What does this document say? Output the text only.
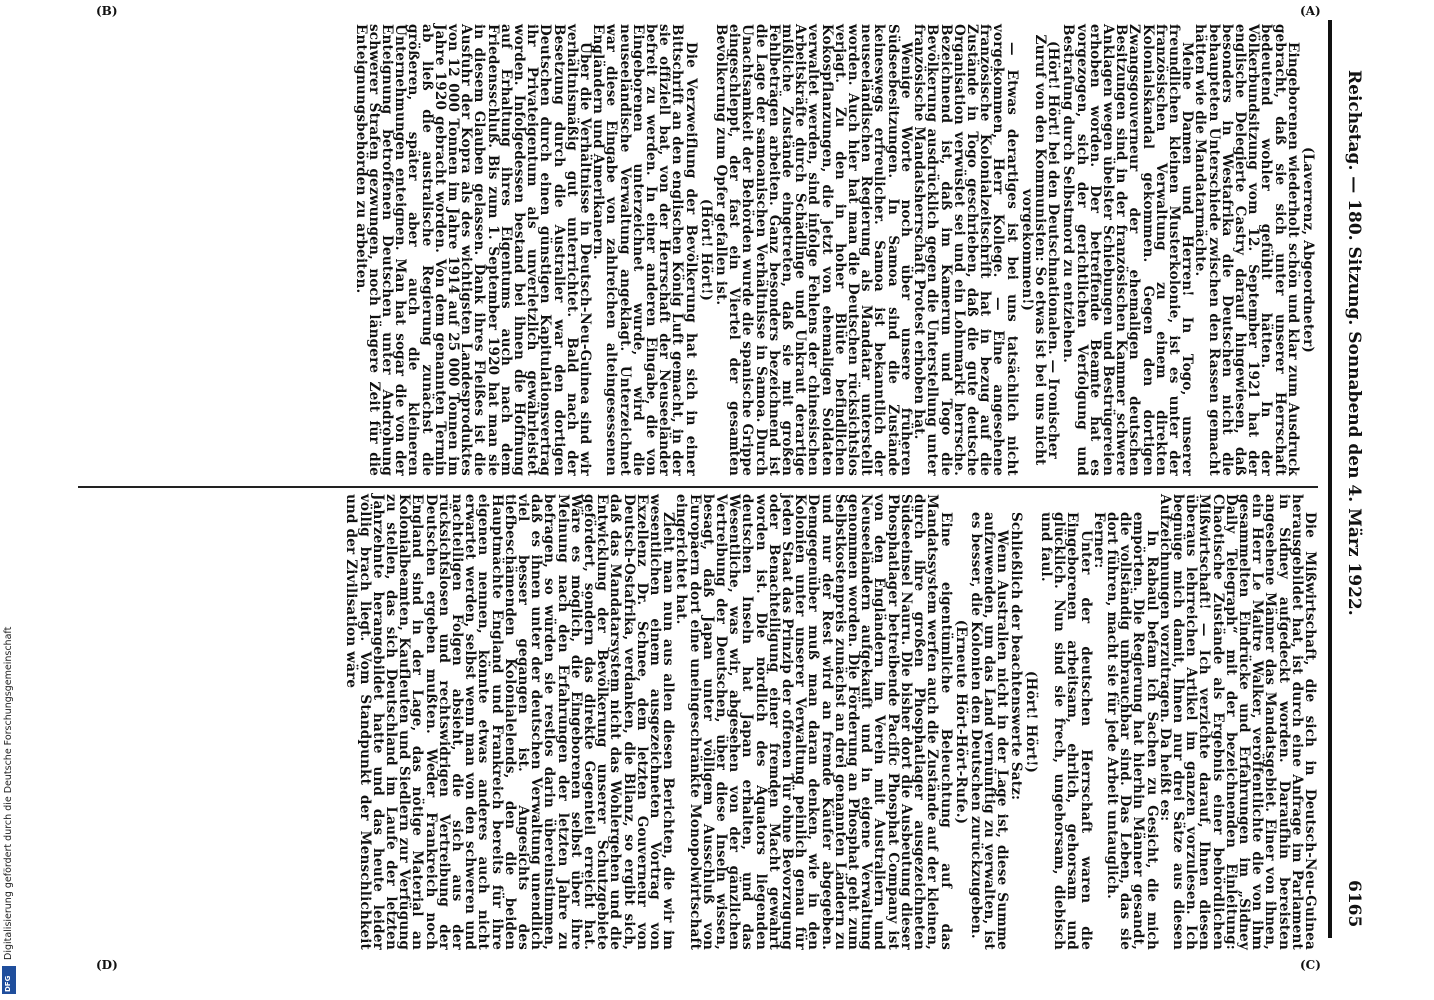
Reichstag. — 180. Sitzung. Sonnabend den 4. März 1922.
6165
(A)
(B)
(C)
(D)

(Laverrenz, Abgeordneter)

Eingeborenen wiederholt schön und klar zum Ausdruck gebracht, daß sie sich unter unserer Herrschaft bedeutend wohler gefühlt hätten. In der Völkerbundsitzung vom 12. September 1921 hat der englische Delegierte Castry darauf hingewiesen, daß besonders in Westafrika die Deutschen nicht die behaupteten Unterschiede zwischen den Rassen gemacht hätten wie die Mandatarmächte.

Meine Damen und Herren! In Togo, unserer freundlichen kleinen Musterkolonie, ist es unter der französischen Verwaltung zu einem direkten Kolonialskandal gekommen. Gegen den dortigen Zwangsgouverneur der ehemaligen deutschen Besitzungen sind in der französischen Kammer schwere Anklagen wegen übelster Schiebungen und Bestrügereien erhoben worden. Der betreffende Beamte hat es vorgezogen, sich der gerichtlichen Verfolgung und Bestrafung durch Selbstmord zu entziehen.

(Hört! Hört! bei den Deutschnationalen. — Ironischer Zuruf von den Kommunisten: So etwas ist bei uns nicht vorgekommen!)

— Etwas derartiges ist bei uns tatsächlich nicht vorgekommen, Herr Kollege. — Eine angesehene französische Kolonialzeitschrift hat in bezug auf die Zustände in Togo geschrieben, daß die gute deutsche Organisation verwüstet sei und ein Lohnmarkt herrsche. Bezeichnend ist, daß im Kamerun und Togo die Bevölkerung ausdrücklich gegen die Unterstellung unter französische Mandatsherrschaft Protest erhoben hat.

Wenige Worte noch über unsere früheren Südseebesitzungen. In Samoa sind die Zustände keineswegs erfreulicher. Samoa ist bekanntlich der neuseeländischen Regierung als Mandatar unterstellt worden. Auch hier hat man die Deutschen rücksichtslos verjagt. Zu den in hoher Blüte befindlichen Kokospflanzungen, die jetzt von ehemaligen Soldaten verwaltet werden, sind infolge Fehlens der chinesischen Arbeitskräfte durch Schädlinge und Unkraut derartige mißliche Zustände eingetreten, daß sie mit großen Fehlbeträgen arbeiten. Ganz besonders bezeichnend ist die Lage der samoanischen Verhältnisse in Samoa. Durch Unachtsamkeit der Behörden wurde die spanische Grippe eingeschleppt, der fast ein Viertel der gesamten Bevölkerung zum Opfer gefallen ist.

(Hört! Hört!)

Die Verzweiflung der Bevölkerung hat sich in einer Bittschrift an den englischen König Luft gemacht, in der sie offiziell bat, von der Herrschaft der Neuseeländer befreit zu werden. In einer anderen Eingabe, die von Eingeborenen unterzeichnet wurde, wird die neuseeländische Verwaltung angeklagt. Unterzeichnet war diese Eingabe von zahlreichen alteingesessenen Engländern und Amerikanern.

Über die Verhältnisse in Deutsch-Neu-Guinea sind wir verhältnismäßig gut unterrichtet. Bald nach der Besetzung durch die Australier war den dortigen Deutschen durch einen günstigen Kapitulationsvertrag ihr Privateigentum als unverletzlich gewährleistet worden. Infolgedessen bestand bei ihnen die Hoffnung auf Erhaltung ihres Eigentums auch nach dem Friedensschluß. Bis zum 1. September 1920 hat man sie in diesem Glauben gelassen. Dank ihres Fleißes ist die Ausfuhr der Kopra als des wichtigsten Landesproduktes von 12 000 Tonnen im Jahre 1914 auf 25 000 Tonnen im Jahre 1920 gebracht worden. Von dem genannten Termin ab ließ die australische Regierung zunächst die größeren, später aber auch die kleineren Unternehmungen enteignen. Man hat sogar die von der Enteignung betroffenen Deutschen unter Androhung schwerer Strafen gezwungen, noch längere Zeit für die Enteignungsbehörden zu arbeiten.

Die Mißwirtschaft, die sich in Deutsch-Neu-Guinea herausgebildet hat, ist durch eine Anfrage im Parlament in Sidney aufgedeckt worden. Daraufhin bereisten angesehene Männer das Mandatsgebiet. Einer von ihnen, ein Herr Le Maitre Walker, veröffentlichte die von ihm gesammelten Eindrücke und Erfahrungen im „Sidney Daily Telegraph“ mit der bezeichnenden Einleitung: Chaotische Zustände als Ergebnis einer behördlichen Mißwirtschaft! — Ich verzichte darauf, Ihnen diesen überaus lehrreichen Artikel im ganzen vorzulesen. Ich begnüge mich damit, Ihnen nur drei Sätze aus diesen Aufzeichnungen vorzutragen. Da heißt es:

In Rabaul befam ich Sachen zu Gesicht, die mich empörten. Die Regierung hat hierhin Männer gesandt, die vollständig unbrauchbar sind. Das Leben, das sie dort führen, macht sie für jede Arbeit untauglich.

Ferner:

Unter der deutschen Herrschaft waren die Eingeborenen arbeitsam, ehrlich, gehorsam und glücklich. Nun sind sie frech, ungehorsam, diebisch und faul.

(Hört! Hört!)

Schließlich der beachtenswerte Satz:

Wenn Australien nicht in der Lage ist, diese Summe aufzuwenden, um das Land vernünftig zu verwalten, ist es besser, die Kolonien den Deutschen zurückzugeben.

(Erneute Hört-Hört-Rufe.)

Eine eigentümliche Beleuchtung auf das Mandatssystem werfen auch die Zustände auf der kleinen, durch ihre großen Phosphatlager ausgezeichneten Südseeinsel Nauru. Die bisher dort die Ausbeutung dieser Phosphatlager betreibende Pacific Phosphat Company ist von den Engländern im Verein mit Australiern und Neuseeländern aufgekauft und in eigene Verwaltung genommen worden. Die Förderung an Phosphat geht zum Selbstkostenpreis zunächst an drei genannten Ländern zu und nur der Rest wird an fremde Käufer abgegeben. Demgegenüber muß man daran denken, wie in den Kolonien unter unserer Verwaltung peinlich genau für jeden Staat das Prinzip der offenen Tür ohne Bevorzugung oder Benachteiligung einer fremden Macht gewahrt worden ist. Die nördlich des Äquators liegenden deutschen Inseln hat Japan erhalten, und das Wesentliche, was wir, abgesehen von der gänzlichen Vertreibung der Deutschen, über diese Inseln wissen, besagt, daß Japan unter völligem Ausschluß von Europäern dort eine uneingeschränkte Monopolwirtschaft eingerichtet hat.

Zieht man nun aus allen diesen Berichten, die wir im wesentlichen einem ausgezeichneten Vortrag von Exzellenz Dr. Schnee, dem letzten Gouverneur von Deutsch-Ostafrika, verdanken, die Bilanz, so ergibt sich, daß das Mandatarsystem nicht das Wohlergehen und die Entwicklung der Bevölkerung unserer Schutzgebiete gefördert, sondern das direkte Gegenteil erreicht hat. Wäre es möglich, die Eingeborenen selbst über ihre Meinung nach den Erfahrungen der letzten Jahre zu befragen, so würden sie restlos darin übereinstimmen, daß es ihnen unter der deutschen Verwaltung unendlich viel besser gegangen ist. Angesichts des tiefbeschämenden Kolonialelends, den die beiden Hauptmächte England und Frankreich bereits für ihre eigenen nennen, könnte etwas anderes auch nicht erwartet werden, selbst wenn man von den schweren und nachteiligen Folgen absieht, die sich aus der rücksichtslosen und rechtswidrigen Vertreibung der Deutschen ergeben mußten. Weder Frankreich noch England sind in der Lage, das nötige Material an Kolonialbeamten, Kaufleuten und Siedlern zur Verfügung zu stellen, das sich Deutschland im Laufe der letzten Jahrzehnte herangebildet hatte und das heute leider völlig brach liegt. Vom Standpunkt der Menschlichkeit und der Zivilisation wäre

Digitalisierung gefördert durch die Deutsche Forschungsgemeinschaft
DFG
